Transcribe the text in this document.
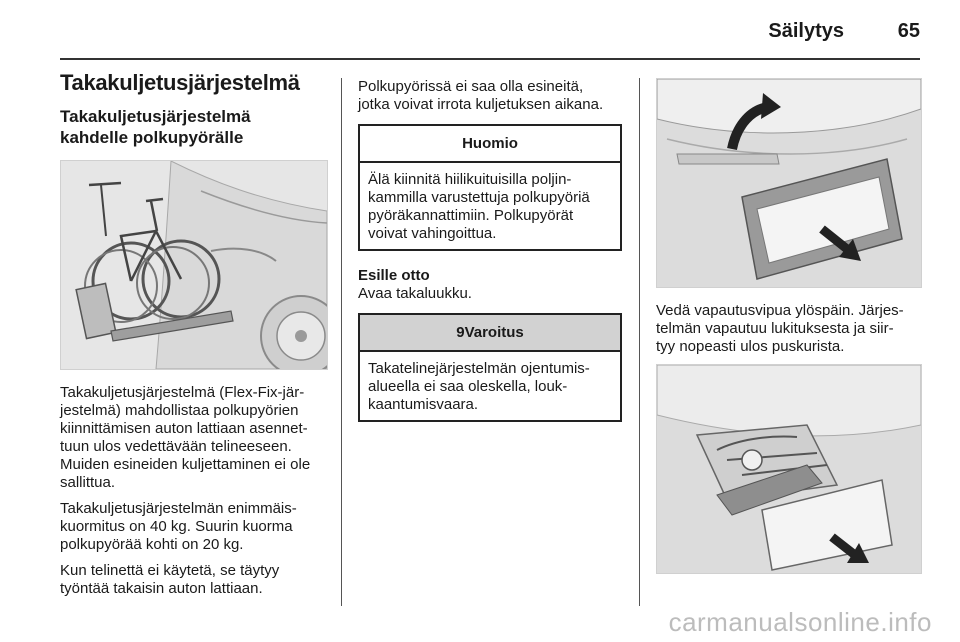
Säilytys	65
Takakuljetusjärjestelmä
Takakuljetusjärjestelmä
kahdelle polkupyörälle

Takakuljetusjärjestelmä (Flex-Fix-jär-
jestelmä) mahdollistaa polkupyörien
kiinnittämisen auton lattiaan asennet-
tuun ulos vedettävään telineeseen.
Muiden esineiden kuljettaminen ei ole
sallittua.

Takakuljetusjärjestelmän enimmäis-
kuormitus on 40 kg. Suurin kuorma
polkupyörää kohti on 20 kg.

Kun telinettä ei käytetä, se täytyy
työntää takaisin auton lattiaan.

Polkupyörissä ei saa olla esineitä,
jotka voivat irrota kuljetuksen aikana.

Huomio
Älä kiinnitä hiilikuituisilla poljin-
kammilla varustettuja polkupyöriä
pyöräkannattimiin. Polkupyörät
voivat vahingoittua.
Esille otto

Avaa takaluukku.

9Varoitus
Takatelinejärjestelmän ojentumis-
alueella ei saa oleskella, louk-
kaantumisvaara.

Vedä vapautusvipua ylöspäin. Järjes-
telmän vapautuu lukituksesta ja siir-
tyy nopeasti ulos puskurista.

carmanualsonline.info
